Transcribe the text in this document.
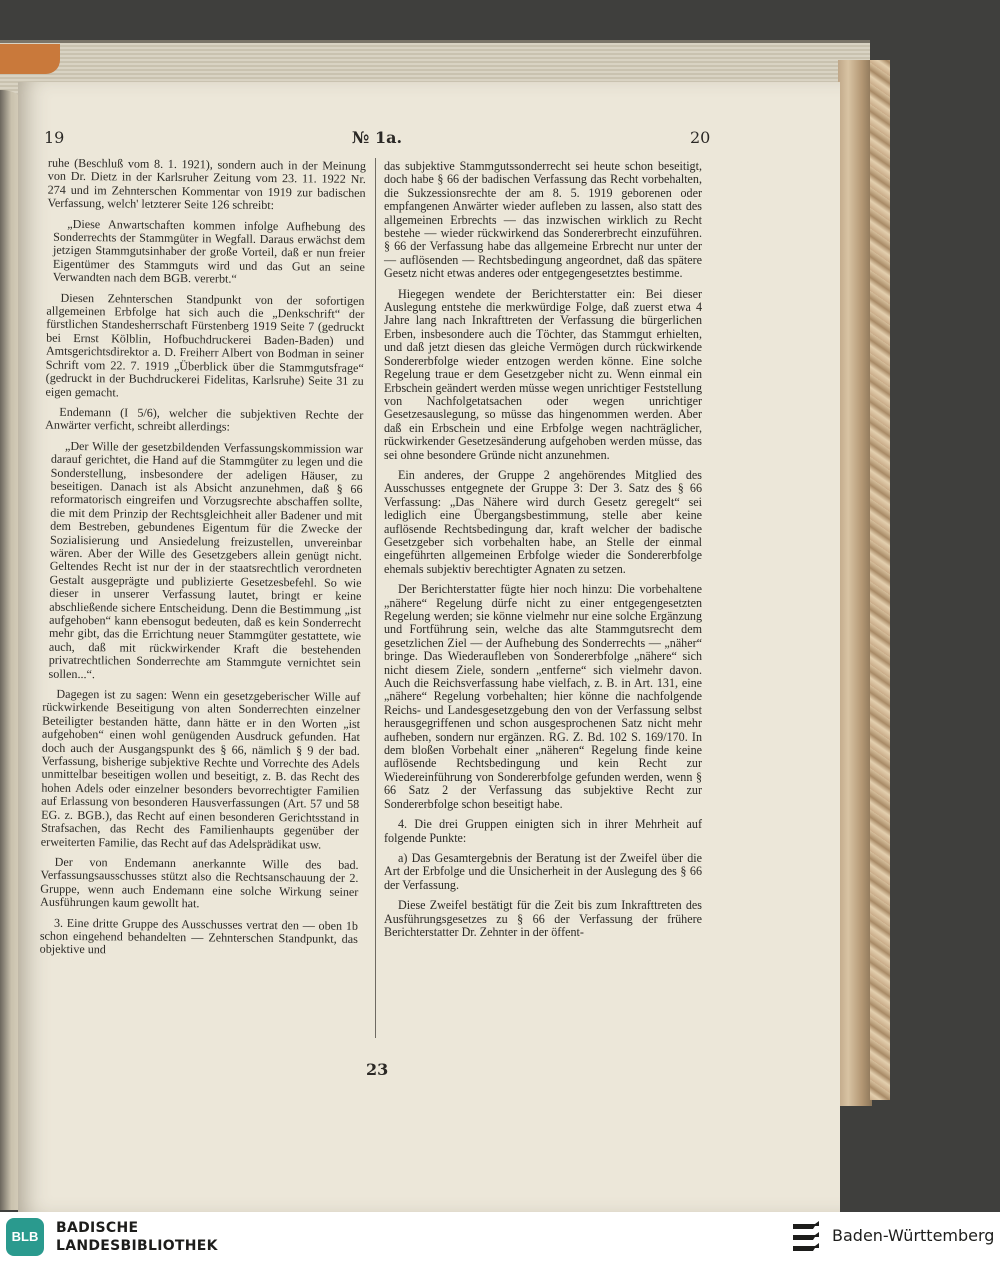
19	№ 1a.	20

ruhe (Beschluß vom 8. 1. 1921), sondern auch in der Meinung von Dr. Dietz in der Karlsruher Zeitung vom 23. 11. 1922 Nr. 274 und im Zehnterschen Kommentar von 1919 zur badischen Verfassung, welch' letzterer Seite 126 schreibt:

„Diese Anwartschaften kommen infolge Aufhebung des Sonderrechts der Stammgüter in Wegfall. Daraus erwächst dem jetzigen Stammgutsinhaber der große Vorteil, daß er nun freier Eigentümer des Stammguts wird und das Gut an seine Verwandten nach dem BGB. vererbt.“

Diesen Zehnterschen Standpunkt von der sofortigen allgemeinen Erbfolge hat sich auch die „Denkschrift“ der fürstlichen Standesherrschaft Fürstenberg 1919 Seite 7 (gedruckt bei Ernst Kölblin, Hofbuchdruckerei Baden-Baden) und Amtsgerichtsdirektor a. D. Freiherr Albert von Bodman in seiner Schrift vom 22. 7. 1919 „Überblick über die Stammgutsfrage“ (gedruckt in der Buchdruckerei Fidelitas, Karlsruhe) Seite 31 zu eigen gemacht.

Endemann (I 5/6), welcher die subjektiven Rechte der Anwärter verficht, schreibt allerdings:

„Der Wille der gesetzbildenden Verfassungskommission war darauf gerichtet, die Hand auf die Stammgüter zu legen und die Sonderstellung, insbesondere der adeligen Häuser, zu beseitigen. Danach ist als Absicht anzunehmen, daß § 66 reformatorisch eingreifen und Vorzugsrechte abschaffen sollte, die mit dem Prinzip der Rechtsgleichheit aller Badener und mit dem Bestreben, gebundenes Eigentum für die Zwecke der Sozialisierung und Ansiedelung freizustellen, unvereinbar wären. Aber der Wille des Gesetzgebers allein genügt nicht. Geltendes Recht ist nur der in der staatsrechtlich verordneten Gestalt ausgeprägte und publizierte Gesetzesbefehl. So wie dieser in unserer Verfassung lautet, bringt er keine abschließende sichere Entscheidung. Denn die Bestimmung „ist aufgehoben“ kann ebensogut bedeuten, daß es kein Sonderrecht mehr gibt, das die Errichtung neuer Stammgüter gestattete, wie auch, daß mit rückwirkender Kraft die bestehenden privatrechtlichen Sonderrechte am Stammgute vernichtet sein sollen...“.

Dagegen ist zu sagen: Wenn ein gesetzgeberischer Wille auf rückwirkende Beseitigung von alten Sonderrechten einzelner Beteiligter bestanden hätte, dann hätte er in den Worten „ist aufgehoben“ einen wohl genügenden Ausdruck gefunden. Hat doch auch der Ausgangspunkt des § 66, nämlich § 9 der bad. Verfassung, bisherige subjektive Rechte und Vorrechte des Adels unmittelbar beseitigen wollen und beseitigt, z. B. das Recht des hohen Adels oder einzelner besonders bevorrechtigter Familien auf Erlassung von besonderen Hausverfassungen (Art. 57 und 58 EG. z. BGB.), das Recht auf einen besonderen Gerichtsstand in Strafsachen, das Recht des Familienhaupts gegenüber der erweiterten Familie, das Recht auf das Adelsprädikat usw.

Der von Endemann anerkannte Wille des bad. Verfassungsausschusses stützt also die Rechtsanschauung der 2. Gruppe, wenn auch Endemann eine solche Wirkung seiner Ausführungen kaum gewollt hat.

3. Eine dritte Gruppe des Ausschusses vertrat den — oben 1b schon eingehend behandelten — Zehnterschen Standpunkt, das objektive und

das subjektive Stammgutssonderrecht sei heute schon beseitigt, doch habe § 66 der badischen Verfassung das Recht vorbehalten, die Sukzessionsrechte der am 8. 5. 1919 geborenen oder empfangenen Anwärter wieder aufleben zu lassen, also statt des allgemeinen Erbrechts — das inzwischen wirklich zu Recht bestehe — wieder rückwirkend das Sondererbrecht einzuführen. § 66 der Verfassung habe das allgemeine Erbrecht nur unter der — auflösenden — Rechtsbedingung angeordnet, daß das spätere Gesetz nicht etwas anderes oder entgegengesetztes bestimme.

Hiegegen wendete der Berichterstatter ein: Bei dieser Auslegung entstehe die merkwürdige Folge, daß zuerst etwa 4 Jahre lang nach Inkrafttreten der Verfassung die bürgerlichen Erben, insbesondere auch die Töchter, das Stammgut erhielten, und daß jetzt diesen das gleiche Vermögen durch rückwirkende Sondererbfolge wieder entzogen werden könne. Eine solche Regelung traue er dem Gesetzgeber nicht zu. Wenn einmal ein Erbschein geändert werden müsse wegen unrichtiger Feststellung von Nachfolgetatsachen oder wegen unrichtiger Gesetzesauslegung, so müsse das hingenommen werden. Aber daß ein Erbschein und eine Erbfolge wegen nachträglicher, rückwirkender Gesetzesänderung aufgehoben werden müsse, das sei ohne besondere Gründe nicht anzunehmen.

Ein anderes, der Gruppe 2 angehörendes Mitglied des Ausschusses entgegnete der Gruppe 3: Der 3. Satz des § 66 Verfassung: „Das Nähere wird durch Gesetz geregelt“ sei lediglich eine Übergangsbestimmung, stelle aber keine auflösende Rechtsbedingung dar, kraft welcher der badische Gesetzgeber sich vorbehalten habe, an Stelle der einmal eingeführten allgemeinen Erbfolge wieder die Sondererbfolge ehemals subjektiv berechtigter Agnaten zu setzen.

Der Berichterstatter fügte hier noch hinzu: Die vorbehaltene „nähere“ Regelung dürfe nicht zu einer entgegengesetzten Regelung werden; sie könne vielmehr nur eine solche Ergänzung und Fortführung sein, welche das alte Stammgutsrecht dem gesetzlichen Ziel — der Aufhebung des Sonderrechts — „näher“ bringe. Das Wiederaufleben von Sondererbfolge „nähere“ sich nicht diesem Ziele, sondern „entferne“ sich vielmehr davon. Auch die Reichsverfassung habe vielfach, z. B. in Art. 131, eine „nähere“ Regelung vorbehalten; hier könne die nachfolgende Reichs- und Landesgesetzgebung den von der Verfassung selbst herausgegriffenen und schon ausgesprochenen Satz nicht mehr aufheben, sondern nur ergänzen. RG. Z. Bd. 102 S. 169/170. In dem bloßen Vorbehalt einer „näheren“ Regelung finde keine auflösende Rechtsbedingung und kein Recht zur Wiedereinführung von Sondererbfolge gefunden werden, wenn § 66 Satz 2 der Verfassung das subjektive Recht zur Sondererbfolge schon beseitigt habe.

4. Die drei Gruppen einigten sich in ihrer Mehrheit auf folgende Punkte:

a) Das Gesamtergebnis der Beratung ist der Zweifel über die Art der Erbfolge und die Unsicherheit in der Auslegung des § 66 der Verfassung.

Diese Zweifel bestätigt für die Zeit bis zum Inkrafttreten des Ausführungsgesetzes zu § 66 der Verfassung der frühere Berichterstatter Dr. Zehnter in der öffent-

23
BLB
BADISCHE
LANDESBIBLIOTHEK
Baden-Württemberg
